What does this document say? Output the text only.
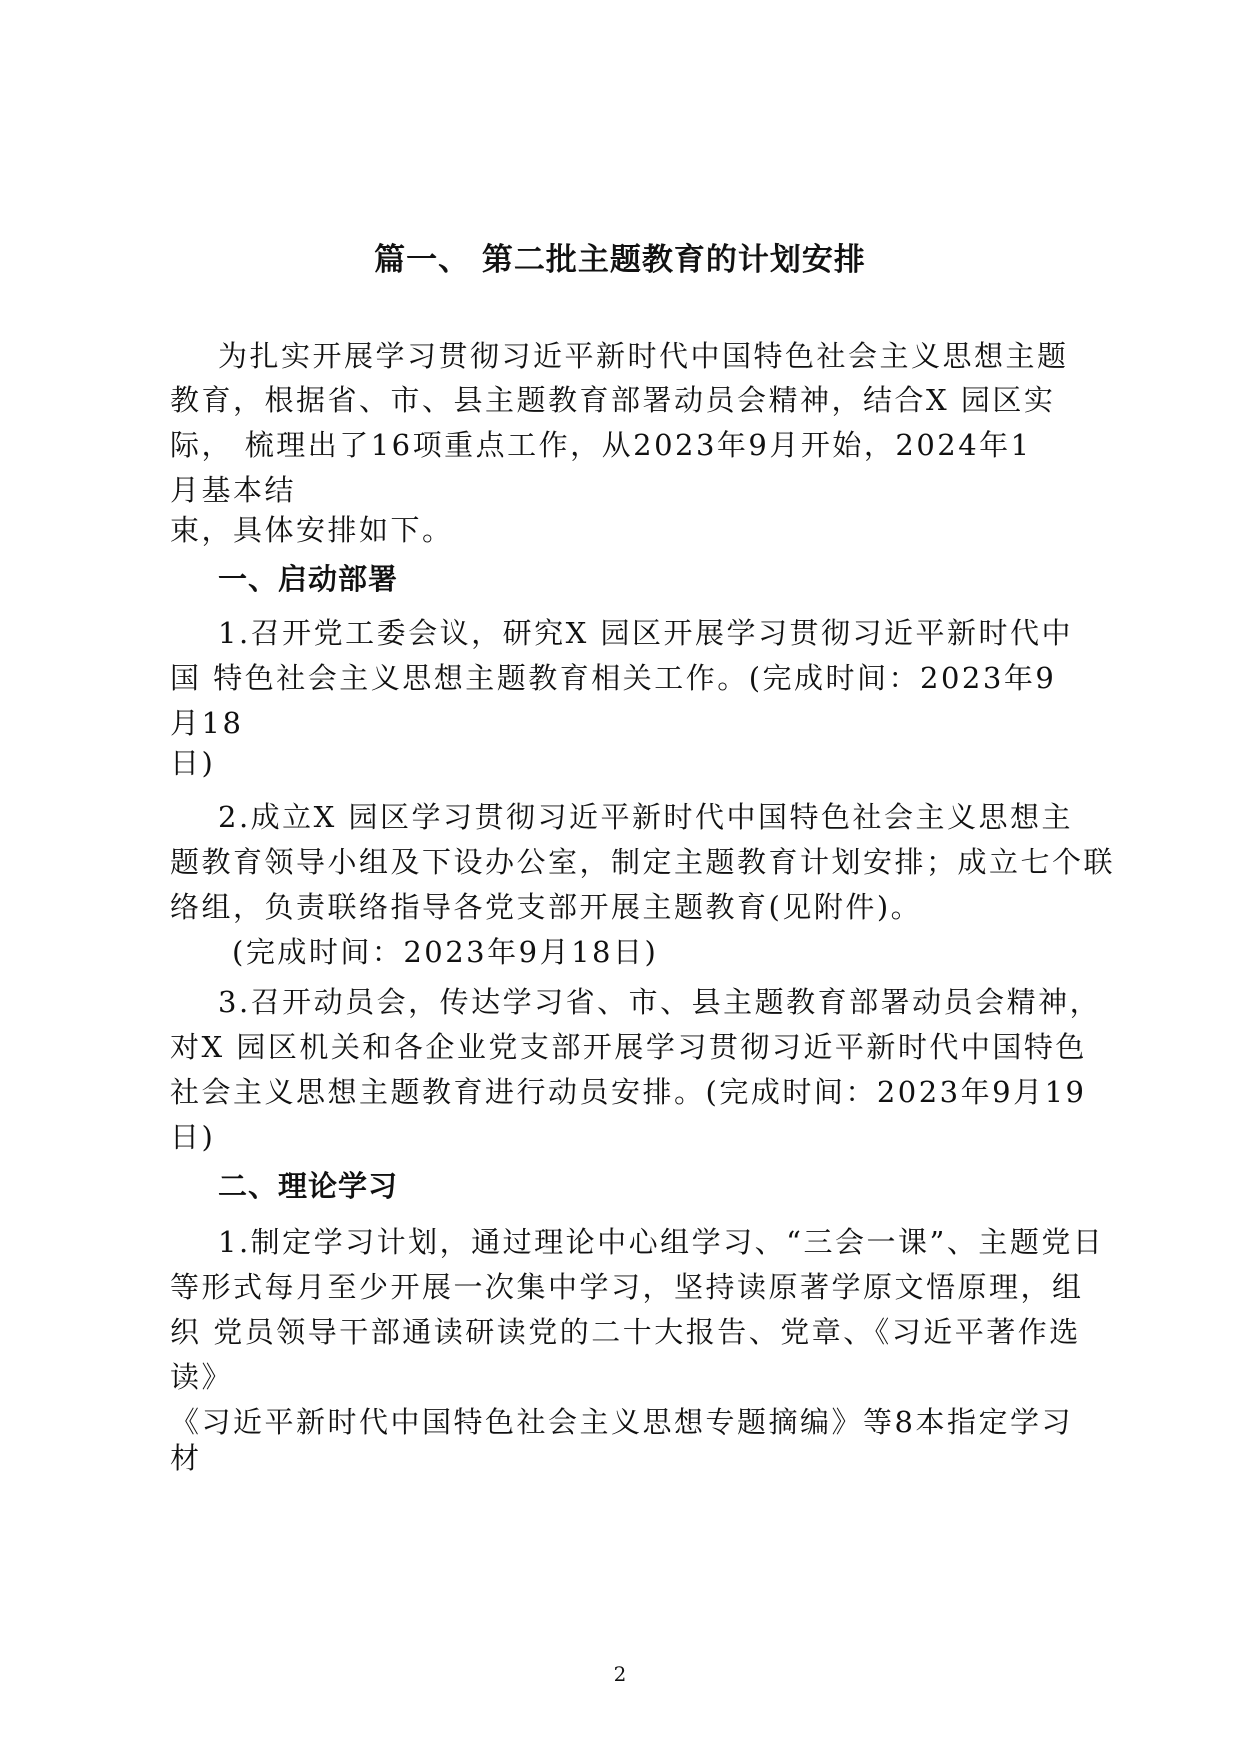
篇一、 第二批主题教育的计划安排
为扎实开展学习贯彻习近平新时代中国特色社会主义思想主题
教育，根据省、市、县主题教育部署动员会精神，结合X 园区实
际， 梳理出了16项重点工作，从2023年9月开始，2024年1
月基本结
束，具体安排如下。
一、启动部署
1.召开党工委会议，研究X 园区开展学习贯彻习近平新时代中
国 特色社会主义思想主题教育相关工作。(完成时间：2023年9
月18
日)
2.成立X 园区学习贯彻习近平新时代中国特色社会主义思想主
题教育领导小组及下设办公室，制定主题教育计划安排；成立七个联
络组，负责联络指导各党支部开展主题教育(见附件)。
(完成时间：2023年9月18日)
3.召开动员会，传达学习省、市、县主题教育部署动员会精神，
对X 园区机关和各企业党支部开展学习贯彻习近平新时代中国特色
社会主义思想主题教育进行动员安排。(完成时间：2023年9月19
日)
二、理论学习
1.制定学习计划，通过理论中心组学习、“三会一课”、主题党日
等形式每月至少开展一次集中学习，坚持读原著学原文悟原理，组
织 党员领导干部通读研读党的二十大报告、党章、《习近平著作选
读》
《习近平新时代中国特色社会主义思想专题摘编》等8本指定学习
材
2
